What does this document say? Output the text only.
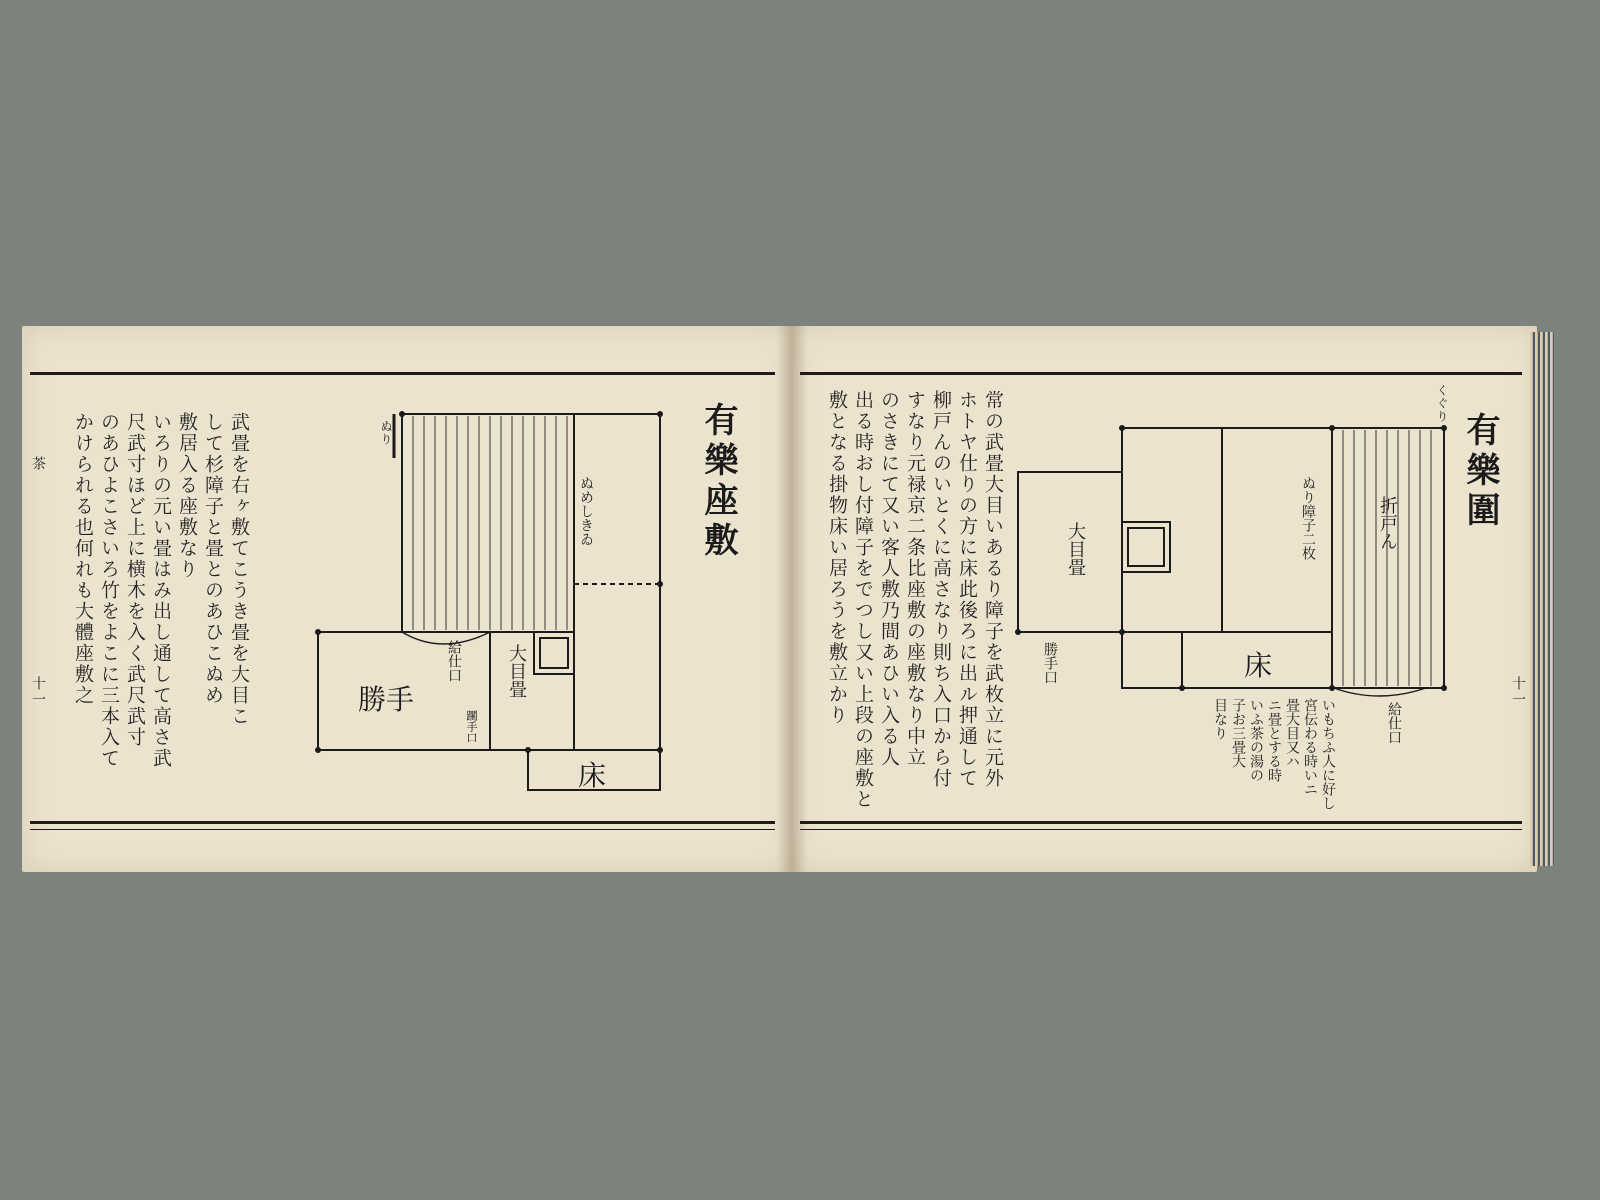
茶
十一
有樂座敷
武畳を右ヶ敷てこうき畳を大目こ
して杉障子と畳とのあひこぬめ
敷居入る座敷なり
いろりの元い畳はみ出し通して高さ武
尺武寸ほど上に横木を入く武尺武寸
のあひよこさいろ竹をよこに三本入て
かけられる也何れも大體座敷之	勝手
床
大目畳
給仕口
躙手口
ぬり
ぬめしきゐ	有樂圍
十一
常の武畳大目いあるり障子を武枚立に元外
ホトヤ仕りの方に床此後ろに出ル押通して
柳戸んのいとくに高さなり則ち入口から付
すなり元禄京二条比座敷の座敷なり中立
のさきにて又い客人敷乃間あひい入る人
出る時おし付障子をでつし又い上段の座敷と
敷となる掛物床い居ろうを敷立かり	大目畳
床
勝手口
給仕口
ぬり障子二枚	折戸ん
くぐり
いもちふ人に好し
宮伝わる時いニ
畳大目又ハ
ニ畳とする時
いふ茶の湯の
子お三畳大
目なり
